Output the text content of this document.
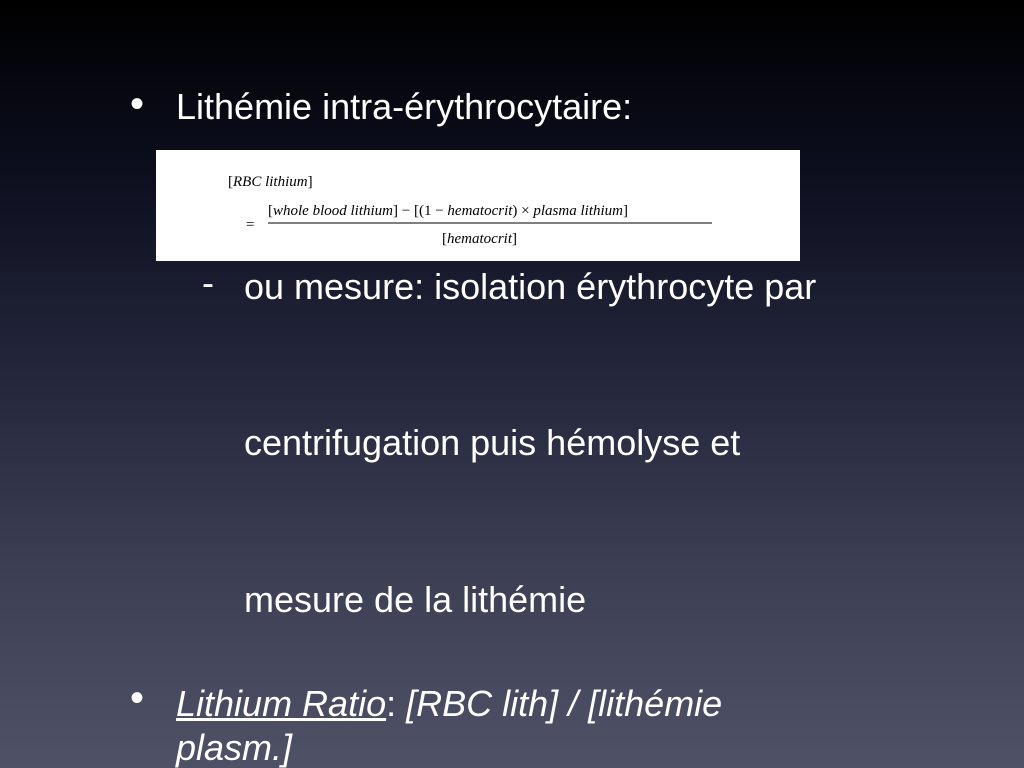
• Lithémie intra-érythrocytaire:
[RBC lithium]
=
[whole blood lithium] − [(1 − hematocrit) × plasma lithium]
[hematocrit]
- ou mesure: isolation érythrocyte par
centrifugation puis hémolyse et
mesure de la lithémie
• Lithium Ratio: [RBC lith] / [lithémie
plasm.]
